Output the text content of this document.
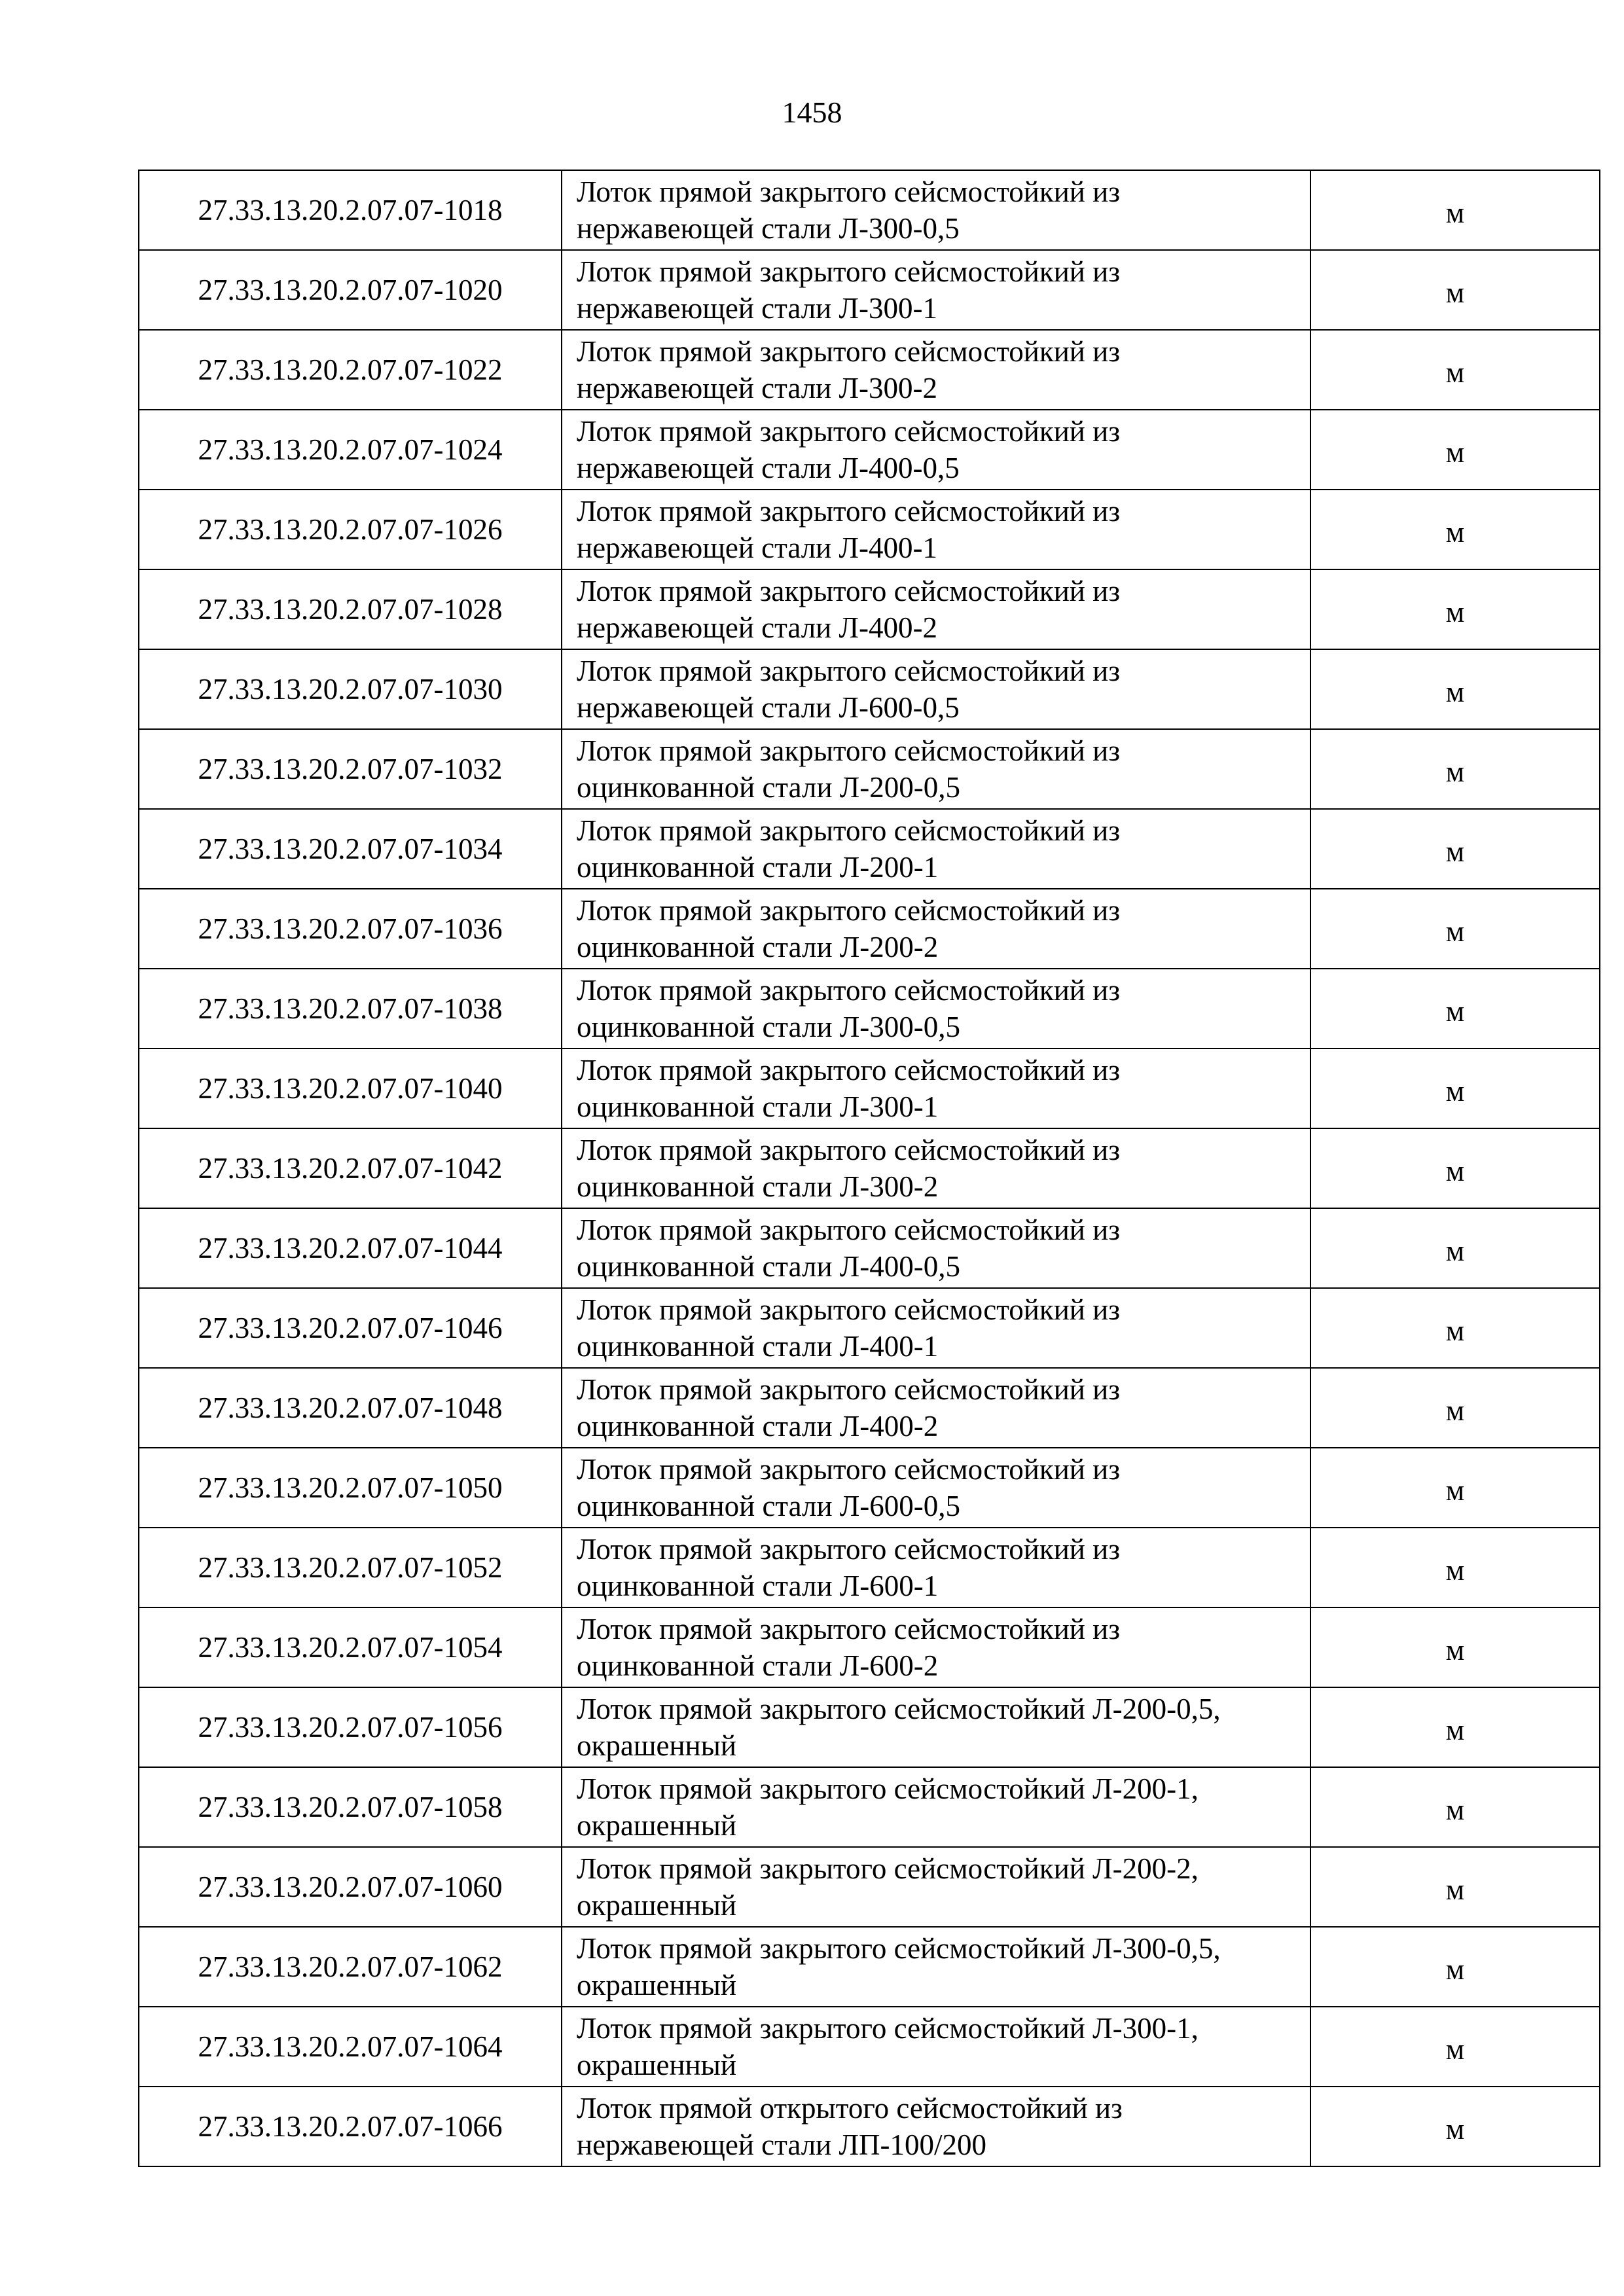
1458
27.33.13.20.2.07.07-1018	Лоток прямой закрытого сейсмостойкий из
нержавеющей стали Л-300-0,5	м
27.33.13.20.2.07.07-1020	Лоток прямой закрытого сейсмостойкий из
нержавеющей стали Л-300-1	м
27.33.13.20.2.07.07-1022	Лоток прямой закрытого сейсмостойкий из
нержавеющей стали Л-300-2	м
27.33.13.20.2.07.07-1024	Лоток прямой закрытого сейсмостойкий из
нержавеющей стали Л-400-0,5	м
27.33.13.20.2.07.07-1026	Лоток прямой закрытого сейсмостойкий из
нержавеющей стали Л-400-1	м
27.33.13.20.2.07.07-1028	Лоток прямой закрытого сейсмостойкий из
нержавеющей стали Л-400-2	м
27.33.13.20.2.07.07-1030	Лоток прямой закрытого сейсмостойкий из
нержавеющей стали Л-600-0,5	м
27.33.13.20.2.07.07-1032	Лоток прямой закрытого сейсмостойкий из
оцинкованной стали Л-200-0,5	м
27.33.13.20.2.07.07-1034	Лоток прямой закрытого сейсмостойкий из
оцинкованной стали Л-200-1	м
27.33.13.20.2.07.07-1036	Лоток прямой закрытого сейсмостойкий из
оцинкованной стали Л-200-2	м
27.33.13.20.2.07.07-1038	Лоток прямой закрытого сейсмостойкий из
оцинкованной стали Л-300-0,5	м
27.33.13.20.2.07.07-1040	Лоток прямой закрытого сейсмостойкий из
оцинкованной стали Л-300-1	м
27.33.13.20.2.07.07-1042	Лоток прямой закрытого сейсмостойкий из
оцинкованной стали Л-300-2	м
27.33.13.20.2.07.07-1044	Лоток прямой закрытого сейсмостойкий из
оцинкованной стали Л-400-0,5	м
27.33.13.20.2.07.07-1046	Лоток прямой закрытого сейсмостойкий из
оцинкованной стали Л-400-1	м
27.33.13.20.2.07.07-1048	Лоток прямой закрытого сейсмостойкий из
оцинкованной стали Л-400-2	м
27.33.13.20.2.07.07-1050	Лоток прямой закрытого сейсмостойкий из
оцинкованной стали Л-600-0,5	м
27.33.13.20.2.07.07-1052	Лоток прямой закрытого сейсмостойкий из
оцинкованной стали Л-600-1	м
27.33.13.20.2.07.07-1054	Лоток прямой закрытого сейсмостойкий из
оцинкованной стали Л-600-2	м
27.33.13.20.2.07.07-1056	Лоток прямой закрытого сейсмостойкий Л-200-0,5,
окрашенный	м
27.33.13.20.2.07.07-1058	Лоток прямой закрытого сейсмостойкий Л-200-1,
окрашенный	м
27.33.13.20.2.07.07-1060	Лоток прямой закрытого сейсмостойкий Л-200-2,
окрашенный	м
27.33.13.20.2.07.07-1062	Лоток прямой закрытого сейсмостойкий Л-300-0,5,
окрашенный	м
27.33.13.20.2.07.07-1064	Лоток прямой закрытого сейсмостойкий Л-300-1,
окрашенный	м
27.33.13.20.2.07.07-1066	Лоток прямой открытого сейсмостойкий из
нержавеющей стали ЛП-100/200	м
